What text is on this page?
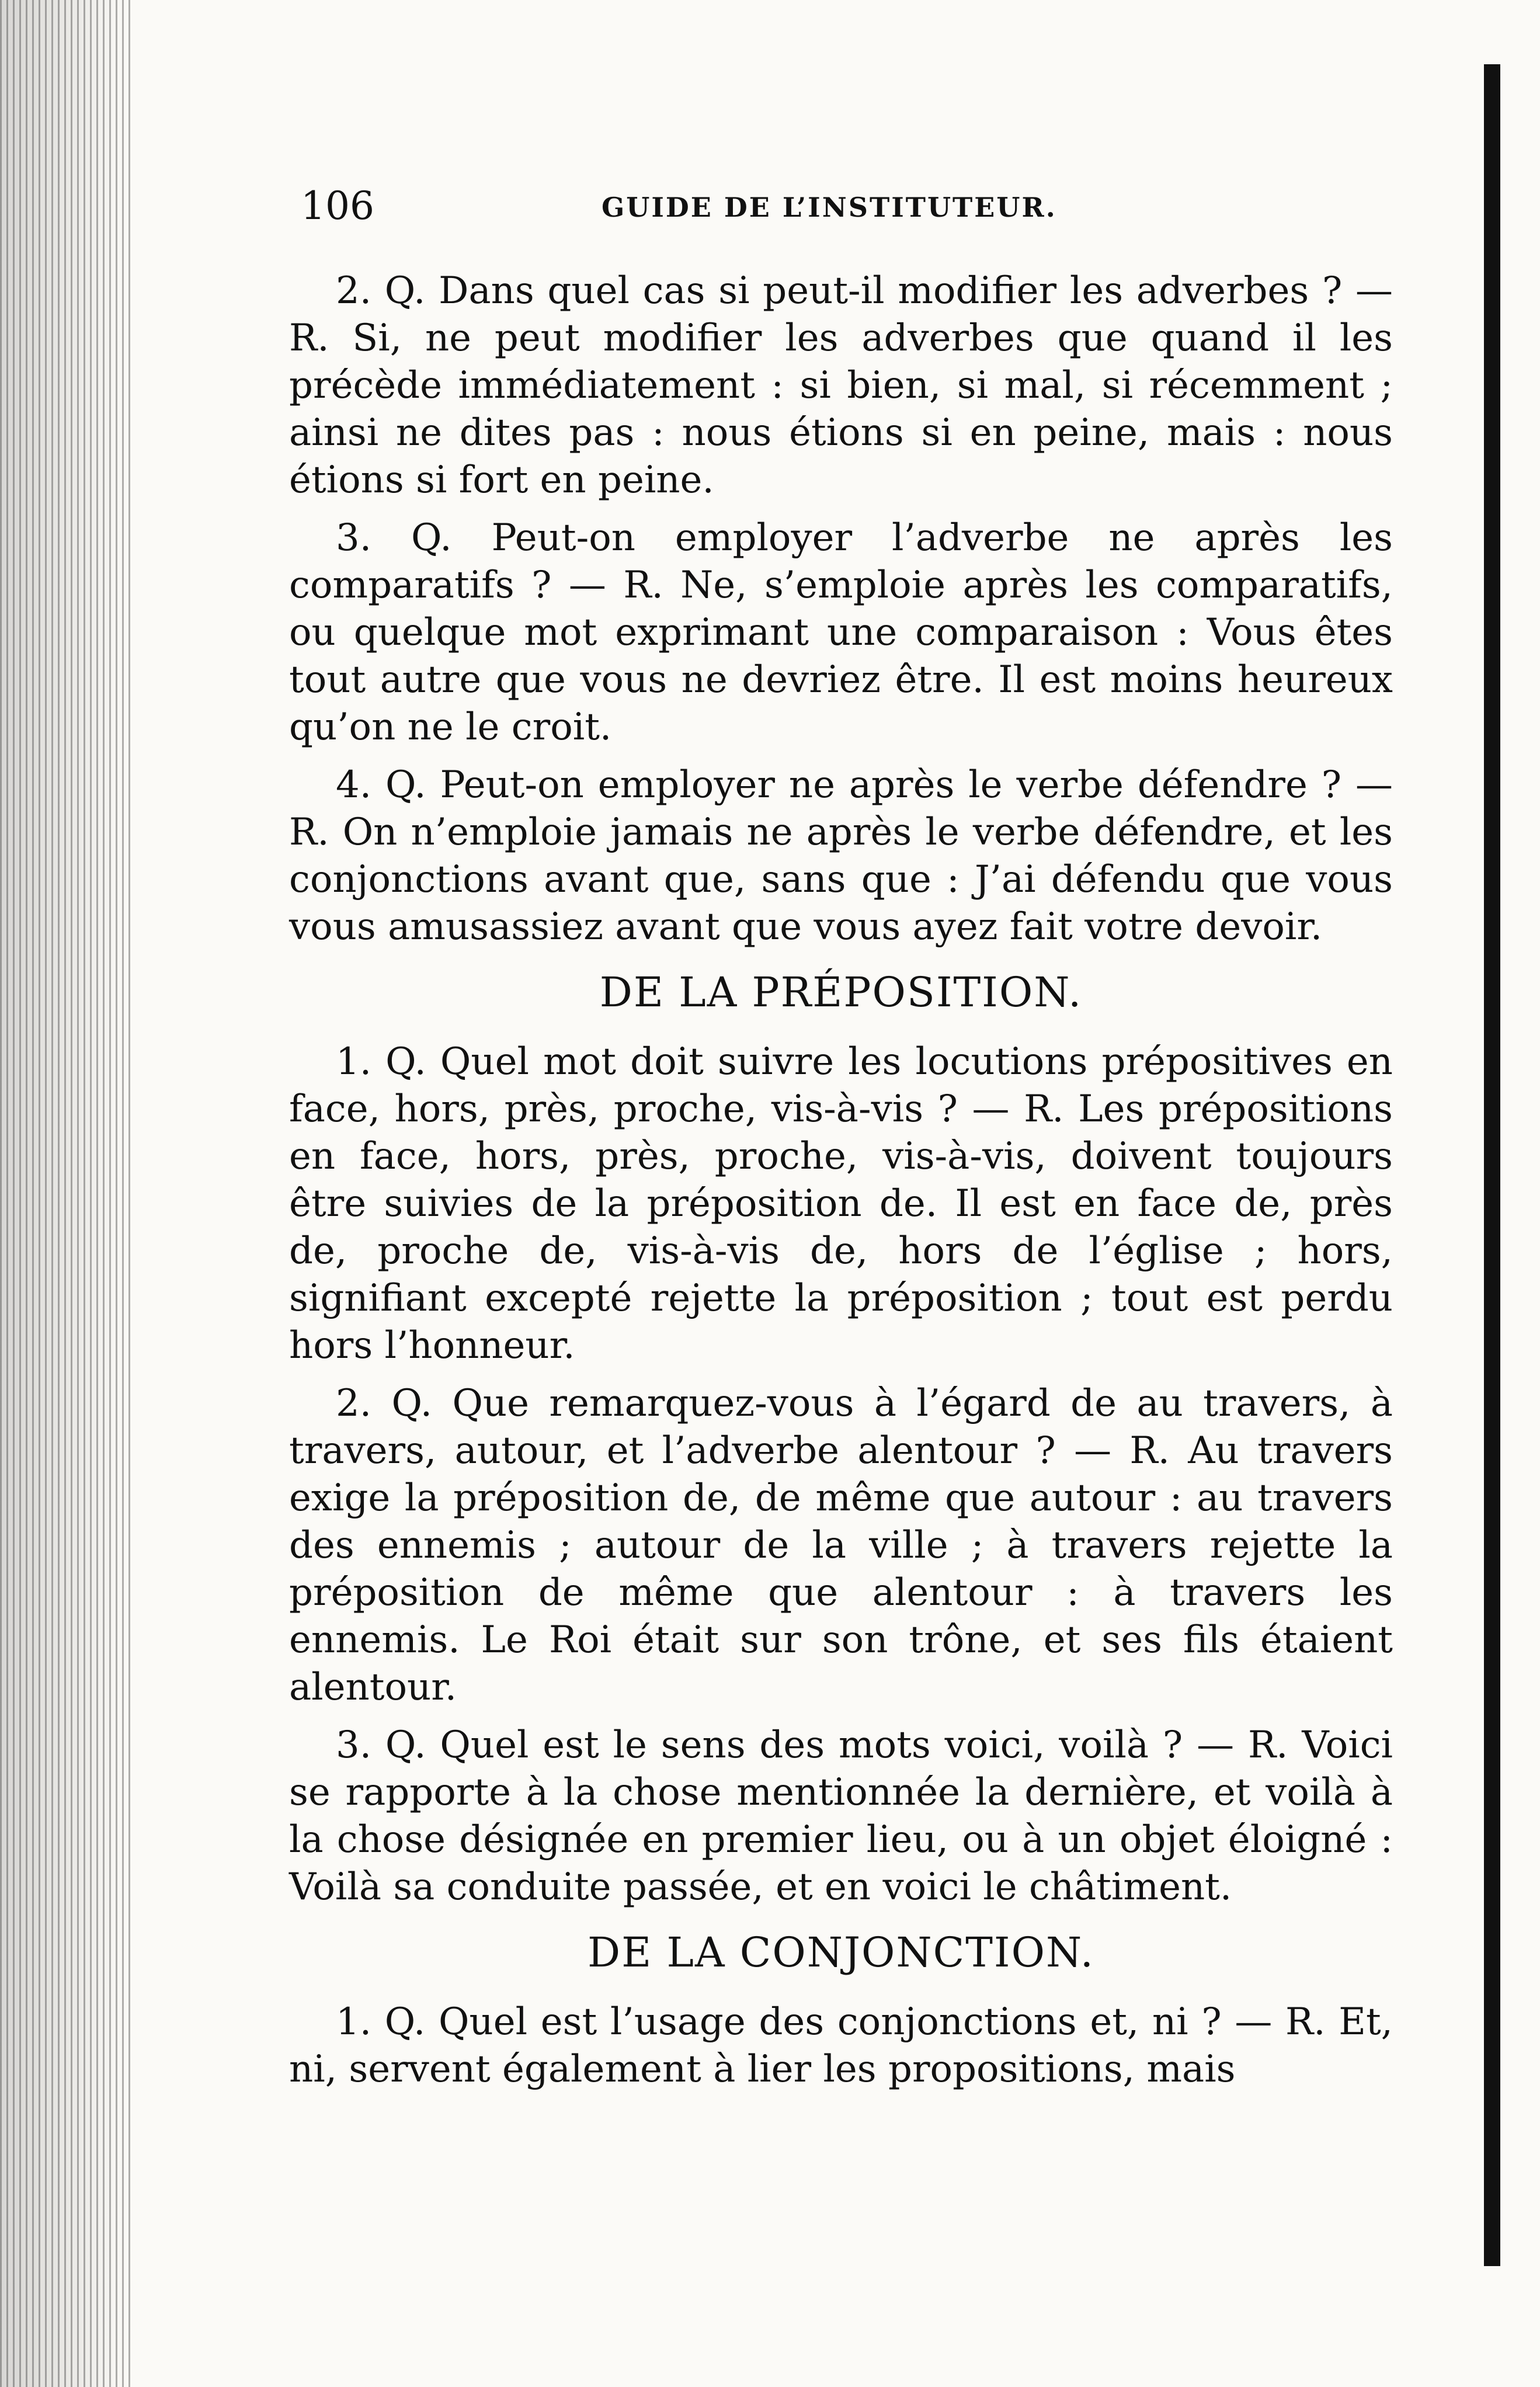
106	GUIDE DE L’INSTITUTEUR.

2. Q. Dans quel cas si peut-il modifier les adverbes ? — R. Si, ne peut modifier les adverbes que quand il les précède immédiatement : si bien, si mal, si récemment ; ainsi ne dites pas : nous étions si en peine, mais : nous étions si fort en peine.

3. Q. Peut-on employer l’adverbe ne après les comparatifs ? — R. Ne, s’emploie après les comparatifs, ou quelque mot exprimant une comparaison : Vous êtes tout autre que vous ne devriez être. Il est moins heureux qu’on ne le croit.

4. Q. Peut-on employer ne après le verbe défendre ? — R. On n’emploie jamais ne après le verbe défendre, et les conjonctions avant que, sans que : J’ai défendu que vous vous amusassiez avant que vous ayez fait votre devoir.

DE LA PRÉPOSITION.

1. Q. Quel mot doit suivre les locutions prépositives en face, hors, près, proche, vis-à-vis ? — R. Les prépositions en face, hors, près, proche, vis-à-vis, doivent toujours être suivies de la préposition de. Il est en face de, près de, proche de, vis-à-vis de, hors de l’église ; hors, signifiant excepté rejette la préposition ; tout est perdu hors l’honneur.

2. Q. Que remarquez-vous à l’égard de au travers, à travers, autour, et l’adverbe alentour ? — R. Au travers exige la préposition de, de même que autour : au travers des ennemis ; autour de la ville ; à travers rejette la préposition de même que alentour : à travers les ennemis. Le Roi était sur son trône, et ses fils étaient alentour.

3. Q. Quel est le sens des mots voici, voilà ? — R. Voici se rapporte à la chose mentionnée la dernière, et voilà à la chose désignée en premier lieu, ou à un objet éloigné : Voilà sa conduite passée, et en voici le châtiment.

DE LA CONJONCTION.

1. Q. Quel est l’usage des conjonctions et, ni ? — R. Et, ni, servent également à lier les propositions, mais
